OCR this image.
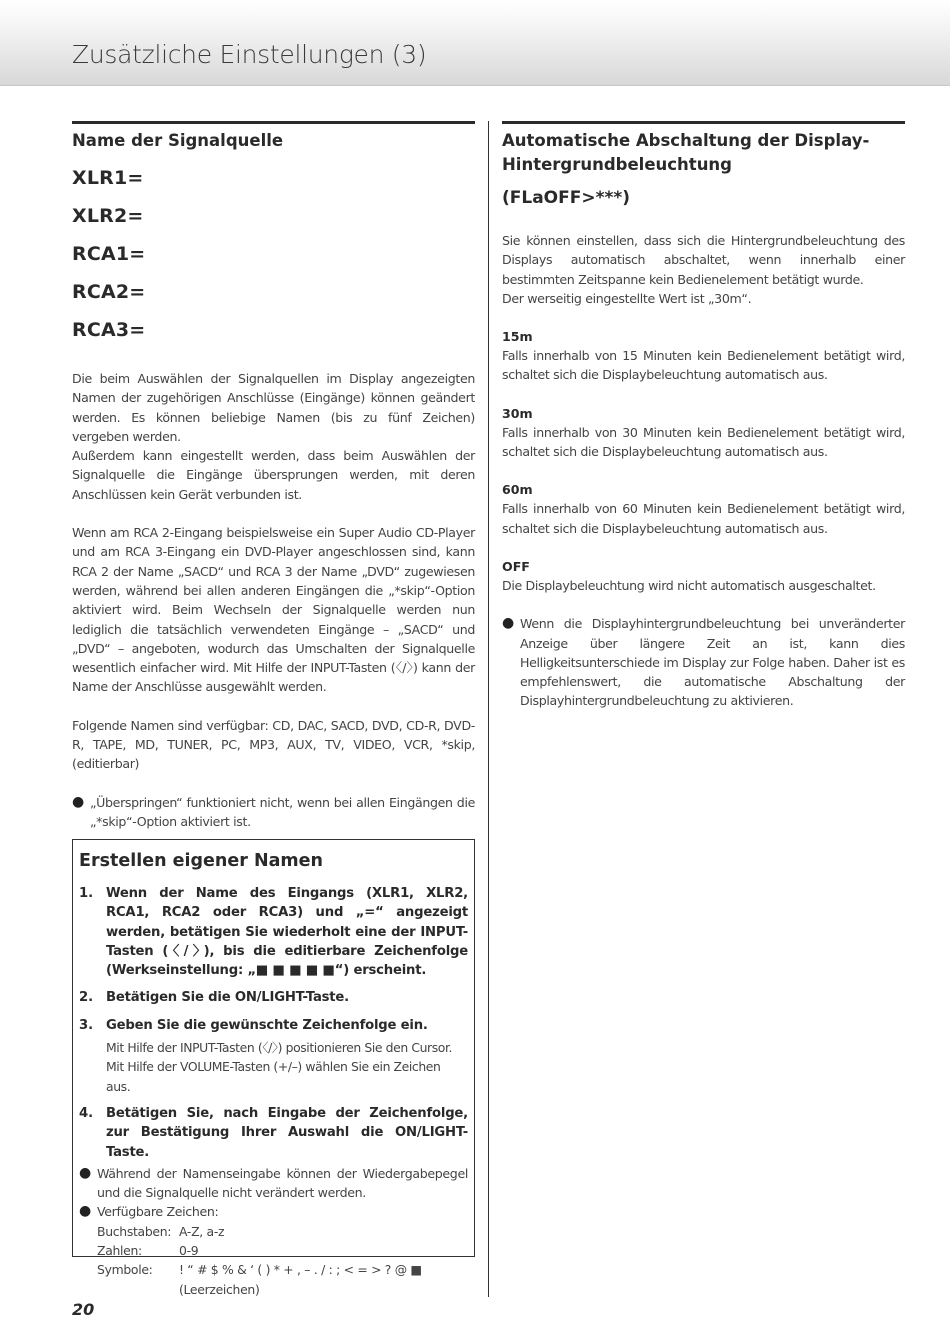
Zusätzliche Einstellungen (3)
Name der Signalquelle
XLR1=
XLR2=
RCA1=
RCA2=
RCA3=
Die beim Auswählen der Signalquellen im Display angezeigten Namen der zugehörigen Anschlüsse (Eingänge) können geändert werden. Es können beliebige Namen (bis zu fünf Zeichen) vergeben werden.
Außerdem kann eingestellt werden, dass beim Auswählen der Signalquelle die Eingänge übersprungen werden, mit deren Anschlüssen kein Gerät verbunden ist.
Wenn am RCA 2-Eingang beispielsweise ein Super Audio CD-Player und am RCA 3-Eingang ein DVD-Player angeschlossen sind, kann RCA 2 der Name „SACD“ und RCA 3 der Name „DVD“ zugewiesen werden, während bei allen anderen Eingängen die „*skip“-Option aktiviert wird. Beim Wechseln der Signalquelle werden nun lediglich die tatsächlich verwendeten Eingänge – „SACD“ und „DVD“ – angeboten, wodurch das Umschalten der Signalquelle wesentlich einfacher wird. Mit Hilfe der INPUT-Tasten (〈/〉) kann der Name der Anschlüsse ausgewählt werden.
Folgende Namen sind verfügbar: CD, DAC, SACD, DVD, CD-R, DVD-R, TAPE, MD, TUNER, PC, MP3, AUX, TV, VIDEO, VCR, *skip, (editierbar)
● „Überspringen“ funktioniert nicht, wenn bei allen Eingängen die „*skip“-Option aktiviert ist.
Automatische Abschaltung der Display-Hintergrundbeleuchtung
(FLaOFF>***)
Sie können einstellen, dass sich die Hintergrundbeleuchtung des Displays automatisch abschaltet, wenn innerhalb einer bestimmten Zeitspanne kein Bedienelement betätigt wurde.
Der werseitig eingestellte Wert ist „30m“.
15m
Falls innerhalb von 15 Minuten kein Bedienelement betätigt wird, schaltet sich die Displaybeleuchtung automatisch aus.
30m
Falls innerhalb von 30 Minuten kein Bedienelement betätigt wird, schaltet sich die Displaybeleuchtung automatisch aus.
60m
Falls innerhalb von 60 Minuten kein Bedienelement betätigt wird, schaltet sich die Displaybeleuchtung automatisch aus.
OFF
Die Displaybeleuchtung wird nicht automatisch ausgeschaltet.
● Wenn die Displayhintergrundbeleuchtung bei unveränderter Anzeige über längere Zeit an ist, kann dies Helligkeitsunterschiede im Display zur Folge haben. Daher ist es empfehlenswert, die automatische Abschaltung der Displayhintergrundbeleuchtung zu aktivieren.
Erstellen eigener Namen
1. Wenn der Name des Eingangs (XLR1, XLR2, RCA1, RCA2 oder RCA3) und „=“ angezeigt werden, betätigen Sie wiederholt eine der INPUT-Tasten (〈/〉), bis die editierbare Zeichenfolge (Werkseinstellung: „■ ■ ■ ■ ■“) erscheint.
2. Betätigen Sie die ON/LIGHT-Taste.
3. Geben Sie die gewünschte Zeichenfolge ein.
Mit Hilfe der INPUT-Tasten (〈/〉) positionieren Sie den Cursor.
Mit Hilfe der VOLUME-Tasten (+/–) wählen Sie ein Zeichen aus.
4. Betätigen Sie, nach Eingabe der Zeichenfolge, zur Bestätigung Ihrer Auswahl die ON/LIGHT-Taste.
● Während der Namenseingabe können der Wiedergabepegel und die Signalquelle nicht verändert werden.
● Verfügbare Zeichen:
Buchstaben: A-Z, a-z
Zahlen:	0-9
Symbole:	! “ # $ % & ‘ ( ) * + , – . / : ; < = > ? @ ■ (Leerzeichen)
20
